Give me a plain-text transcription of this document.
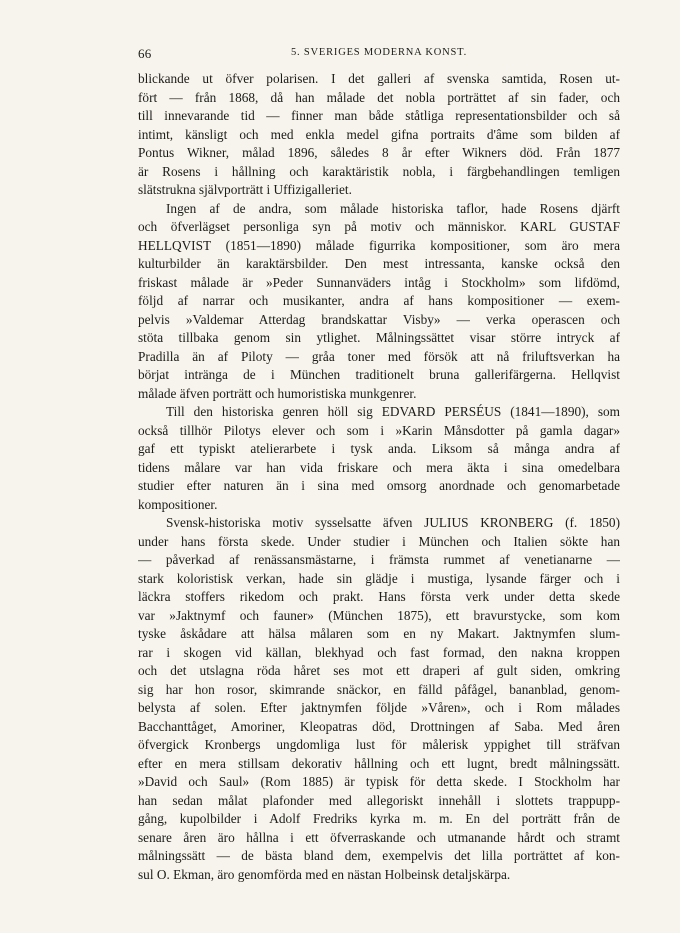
66	5. SVERIGES MODERNA KONST.
blickande ut öfver polarisen. I det galleri af svenska samtida, Rosen ut-
fört — från 1868, då han målade det nobla porträttet af sin fader, och
till innevarande tid — finner man både ståtliga representationsbilder och så
intimt, känsligt och med enkla medel gifna portraits d'âme som bilden af
Pontus Wikner, målad 1896, således 8 år efter Wikners död. Från 1877
är Rosens i hållning och karaktäristik nobla, i färgbehandlingen temligen
slätstrukna självporträtt i Uffizigalleriet.
Ingen af de andra, som målade historiska taflor, hade Rosens djärft
och öfverlägset personliga syn på motiv och människor. KARL GUSTAF
HELLQVIST (1851—1890) målade figurrika kompositioner, som äro mera
kulturbilder än karaktärsbilder. Den mest intressanta, kanske också den
friskast målade är »Peder Sunnanväders intåg i Stockholm» som lifdömd,
följd af narrar och musikanter, andra af hans kompositioner — exem-
pelvis »Valdemar Atterdag brandskattar Visby» — verka operascen och
stöta tillbaka genom sin ytlighet. Målningssättet visar större intryck af
Pradilla än af Piloty — gråa toner med försök att nå friluftsverkan ha
börjat intränga de i München traditionelt bruna gallerifärgerna. Hellqvist
målade äfven porträtt och humoristiska munkgenrer.
Till den historiska genren höll sig EDVARD PERSÉUS (1841—1890), som
också tillhör Pilotys elever och som i »Karin Månsdotter på gamla dagar»
gaf ett typiskt atelierarbete i tysk anda. Liksom så många andra af
tidens målare var han vida friskare och mera äkta i sina omedelbara
studier efter naturen än i sina med omsorg anordnade och genomarbetade
kompositioner.
Svensk-historiska motiv sysselsatte äfven JULIUS KRONBERG (f. 1850)
under hans första skede. Under studier i München och Italien sökte han
— påverkad af renässansmästarne, i främsta rummet af venetianarne —
stark koloristisk verkan, hade sin glädje i mustiga, lysande färger och i
läckra stoffers rikedom och prakt. Hans första verk under detta skede
var »Jaktnymf och fauner» (München 1875), ett bravurstycke, som kom
tyske åskådare att hälsa målaren som en ny Makart. Jaktnymfen slum-
rar i skogen vid källan, blekhyad och fast formad, den nakna kroppen
och det utslagna röda håret ses mot ett draperi af gult siden, omkring
sig har hon rosor, skimrande snäckor, en fälld påfågel, bananblad, genom-
belysta af solen. Efter jaktnymfen följde »Våren», och i Rom målades
Bacchanttåget, Amoriner, Kleopatras död, Drottningen af Saba. Med åren
öfvergick Kronbergs ungdomliga lust för målerisk yppighet till sträfvan
efter en mera stillsam dekorativ hållning och ett lugnt, bredt målningssätt.
»David och Saul» (Rom 1885) är typisk för detta skede. I Stockholm har
han sedan målat plafonder med allegoriskt innehåll i slottets trappupp-
gång, kupolbilder i Adolf Fredriks kyrka m. m. En del porträtt från de
senare åren äro hållna i ett öfverraskande och utmanande hårdt och stramt
målningssätt — de bästa bland dem, exempelvis det lilla porträttet af kon-
sul O. Ekman, äro genomförda med en nästan Holbeinsk detaljskärpa.
